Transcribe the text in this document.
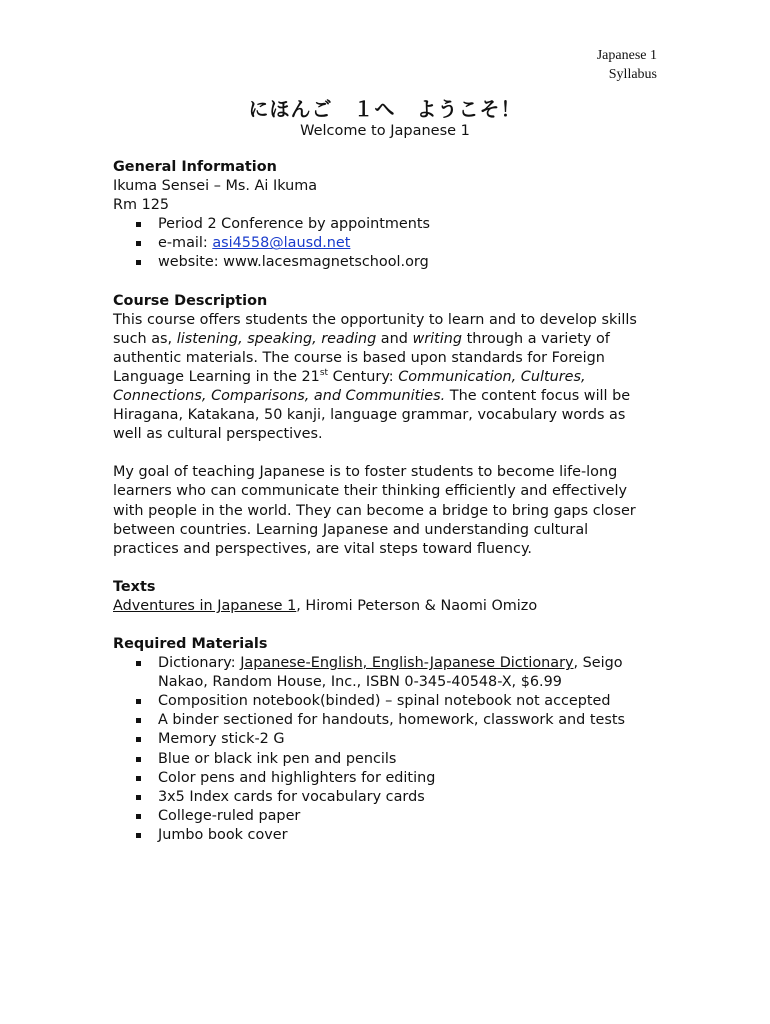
Japanese 1
Syllabus
にほんご　１へ　ようこそ！
Welcome to Japanese 1
General Information
Ikuma Sensei – Ms. Ai Ikuma
Rm 125
Period 2 Conference by appointments
e-mail: asi4558@lausd.net
website: www.lacesmagnetschool.org
Course Description

This course offers students the opportunity to learn and to develop skills such as, listening, speaking, reading and writing through a variety of authentic materials. The course is based upon standards for Foreign Language Learning in the 21st Century: Communication, Cultures, Connections, Comparisons, and Communities. The content focus will be Hiragana, Katakana, 50 kanji, language grammar, vocabulary words as well as cultural perspectives.

My goal of teaching Japanese is to foster students to become life-long learners who can communicate their thinking efficiently and effectively with people in the world. They can become a bridge to bring gaps closer between countries. Learning Japanese and understanding cultural practices and perspectives, are vital steps toward fluency.

Texts
Adventures in Japanese 1, Hiromi Peterson & Naomi Omizo
Required Materials
Dictionary: Japanese-English, English-Japanese Dictionary, Seigo Nakao, Random House, Inc., ISBN 0-345-40548-X, $6.99
Composition notebook(binded) – spinal notebook not accepted
A binder sectioned for handouts, homework, classwork and tests
Memory stick-2 G
Blue or black ink pen and pencils
Color pens and highlighters for editing
3x5 Index cards for vocabulary cards
College-ruled paper
Jumbo book cover
